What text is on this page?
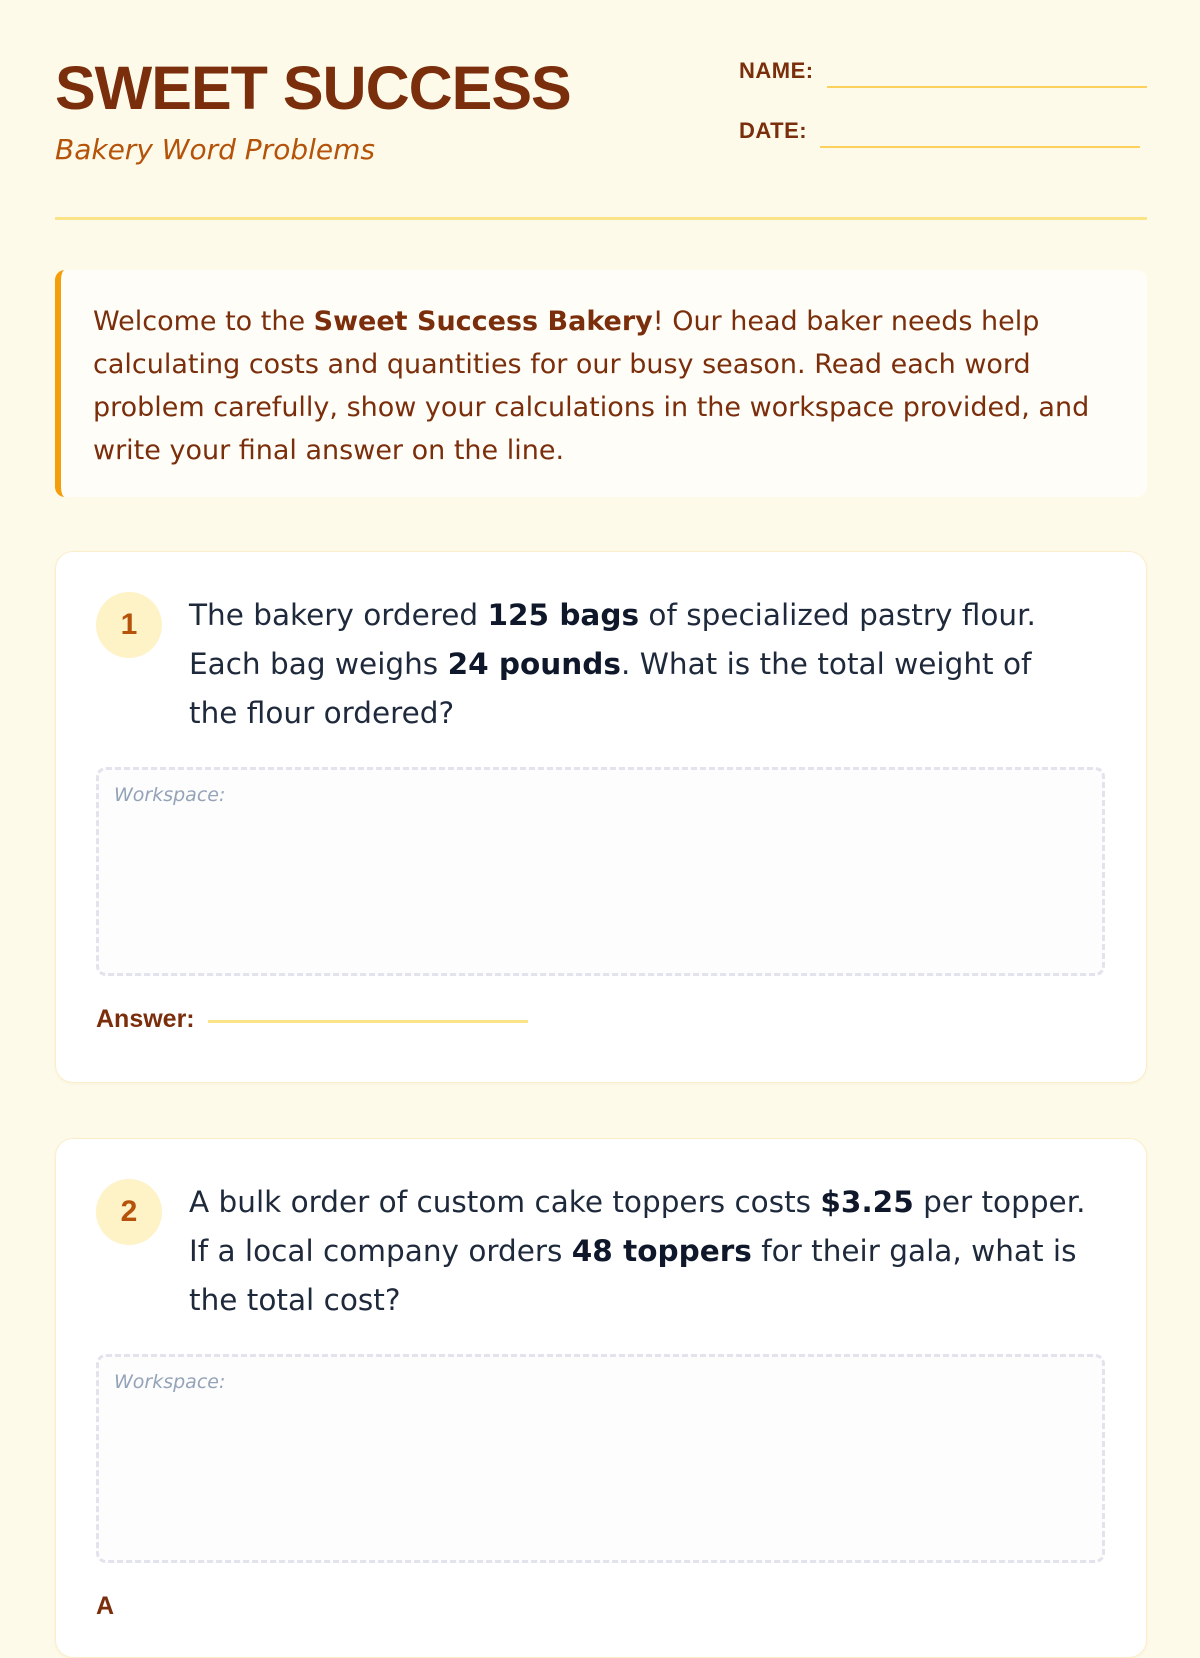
SWEET SUCCESS
Bakery Word Problems
NAME:
DATE:
Welcome to the Sweet Success Bakery! Our head baker needs help calculating costs and quantities for our busy season. Read each word problem carefully, show your calculations in the workspace provided, and write your final answer on the line.
1	The bakery ordered 125 bags of specialized pastry flour. Each bag weighs 24 pounds. What is the total weight of the flour ordered?
Workspace:
Answer:
2	A bulk order of custom cake toppers costs $3.25 per topper. If a local company orders 48 toppers for their gala, what is the total cost?
Workspace:
A
